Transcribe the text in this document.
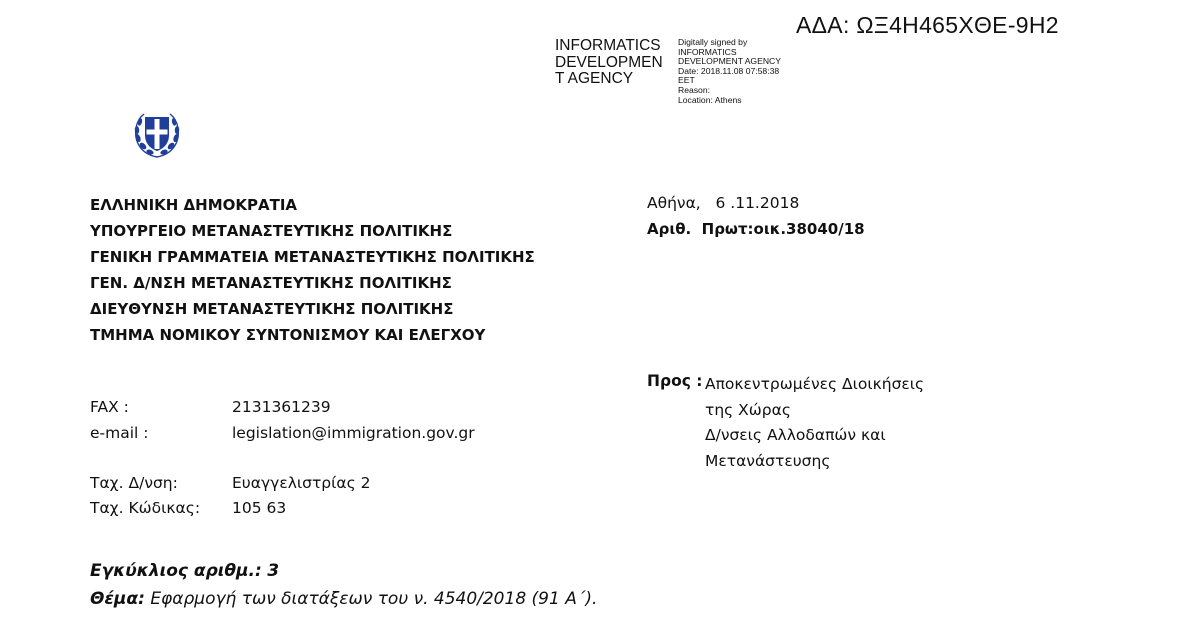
ΑΔΑ: ΩΞ4Η465ΧΘΕ-9Η2
INFORMATICS
DEVELOPMEN
T AGENCY
Digitally signed by
INFORMATICS
DEVELOPMENT AGENCY
Date: 2018.11.08 07:58:38
EET
Reason:
Location: Athens
ΕΛΛΗΝΙΚΗ ΔΗΜΟΚΡΑΤΙΑ
ΥΠΟΥΡΓΕΙΟ ΜΕΤΑΝΑΣΤΕΥΤΙΚΗΣ ΠΟΛΙΤΙΚΗΣ
ΓΕΝΙΚΗ ΓΡΑΜΜΑΤΕΙΑ ΜΕΤΑΝΑΣΤΕΥΤΙΚΗΣ ΠΟΛΙΤΙΚΗΣ
ΓΕΝ. Δ/ΝΣΗ ΜΕΤΑΝΑΣΤΕΥΤΙΚΗΣ ΠΟΛΙΤΙΚΗΣ
ΔΙΕΥΘΥΝΣΗ ΜΕΤΑΝΑΣΤΕΥΤΙΚΗΣ ΠΟΛΙΤΙΚΗΣ
ΤΜΗΜΑ ΝΟΜΙΚΟΥ ΣΥΝΤΟΝΙΣΜΟΥ ΚΑΙ ΕΛΕΓΧΟΥ
Αθήνα,   6 .11.2018
Αριθ.  Πρωτ:οικ.38040/18
Προς : Αποκεντρωμένες Διοικήσεις
της Χώρας
Δ/νσεις Αλλοδαπών και
Μετανάστευσης
FAX :	2131361239
e-mail :	legislation@immigration.gov.gr
Ταχ. Δ/νση:	Ευαγγελιστρίας 2
Ταχ. Κώδικας: 105 63
Εγκύκλιος αριθμ.: 3
Θέμα: Εφαρμογή των διατάξεων του ν. 4540/2018 (91 Α΄).
